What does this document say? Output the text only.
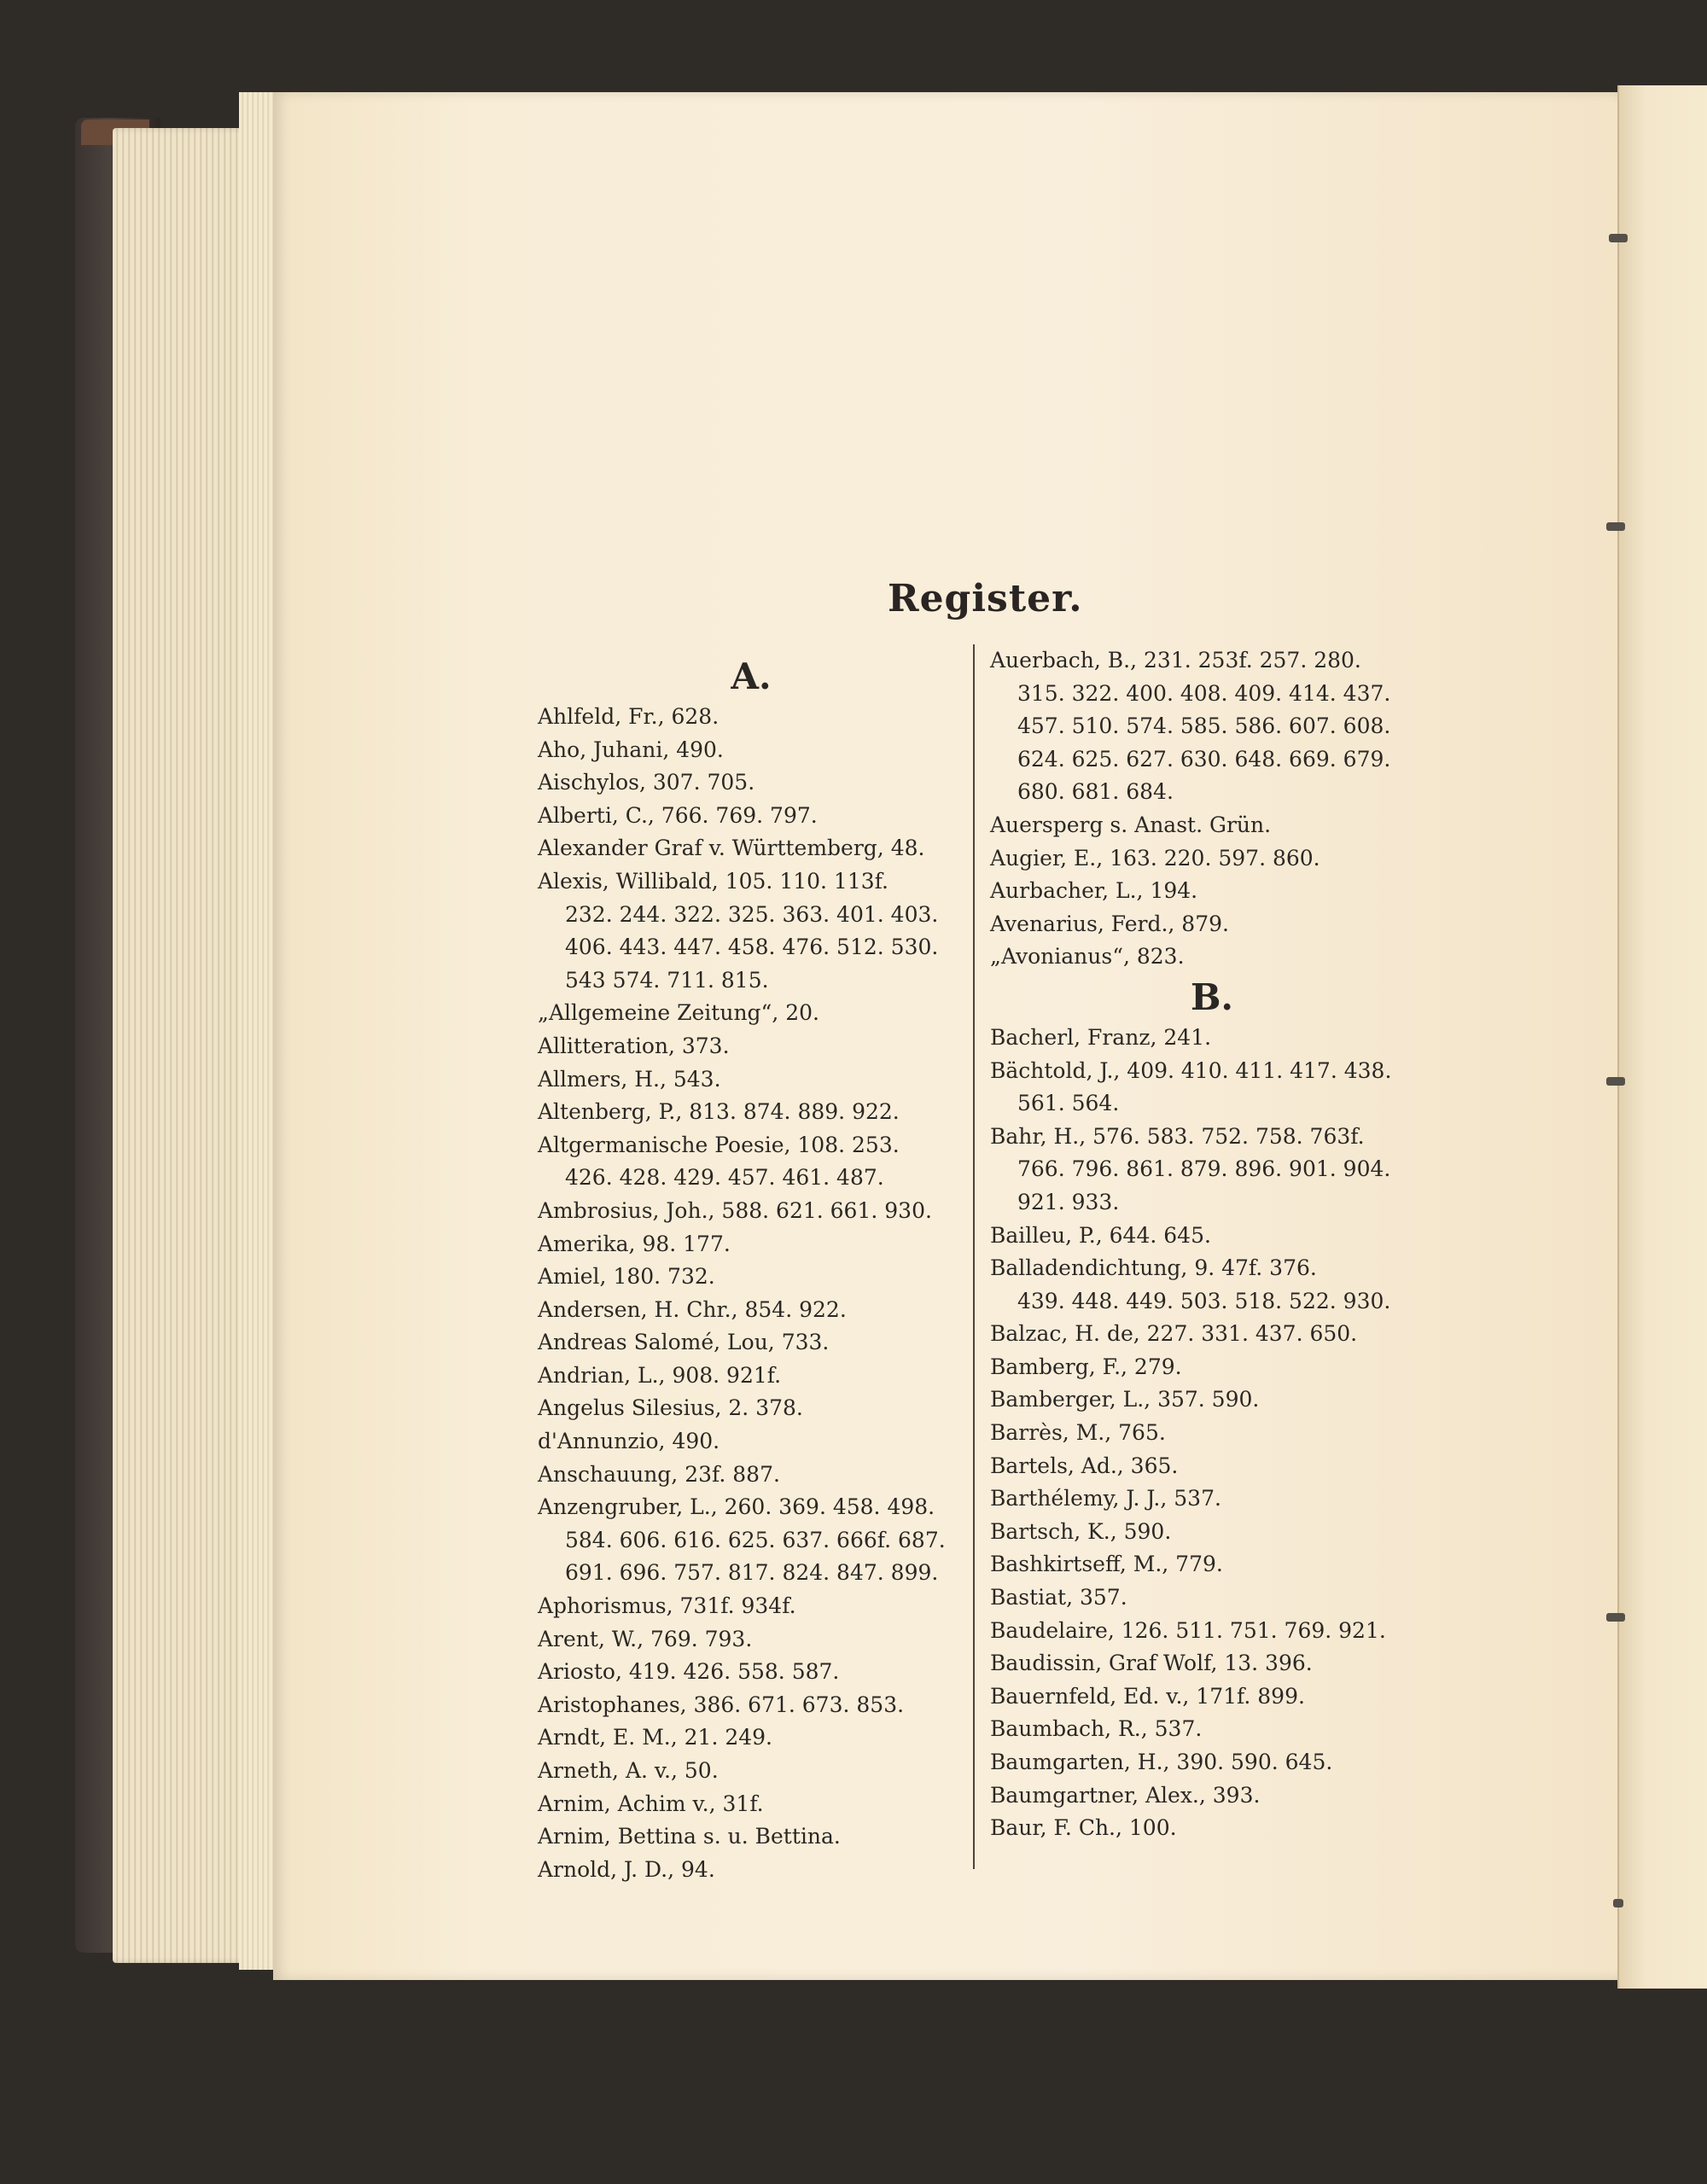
Register.
A.
Ahlfeld, Fr., 628.
Aho, Juhani, 490.
Aischylos, 307. 705.
Alberti, C., 766. 769. 797.
Alexander Graf v. Württemberg, 48.
Alexis, Willibald, 105. 110. 113f.
232. 244. 322. 325. 363. 401. 403.
406. 443. 447. 458. 476. 512. 530.
543 574. 711. 815.
„Allgemeine Zeitung“, 20.
Allitteration, 373.
Allmers, H., 543.
Altenberg, P., 813. 874. 889. 922.
Altgermanische Poesie, 108. 253.
426. 428. 429. 457. 461. 487.
Ambrosius, Joh., 588. 621. 661. 930.
Amerika, 98. 177.
Amiel, 180. 732.
Andersen, H. Chr., 854. 922.
Andreas Salomé, Lou, 733.
Andrian, L., 908. 921f.
Angelus Silesius, 2. 378.
d'Annunzio, 490.
Anschauung, 23f. 887.
Anzengruber, L., 260. 369. 458. 498.
584. 606. 616. 625. 637. 666f. 687.
691. 696. 757. 817. 824. 847. 899.
Aphorismus, 731f. 934f.
Arent, W., 769. 793.
Ariosto, 419. 426. 558. 587.
Aristophanes, 386. 671. 673. 853.
Arndt, E. M., 21. 249.
Arneth, A. v., 50.
Arnim, Achim v., 31f.
Arnim, Bettina s. u. Bettina.
Arnold, J. D., 94.
Auerbach, B., 231. 253f. 257. 280.
315. 322. 400. 408. 409. 414. 437.
457. 510. 574. 585. 586. 607. 608.
624. 625. 627. 630. 648. 669. 679.
680. 681. 684.
Auersperg s. Anast. Grün.
Augier, E., 163. 220. 597. 860.
Aurbacher, L., 194.
Avenarius, Ferd., 879.
„Avonianus“, 823.
B.
Bacherl, Franz, 241.
Bächtold, J., 409. 410. 411. 417. 438.
561. 564.
Bahr, H., 576. 583. 752. 758. 763f.
766. 796. 861. 879. 896. 901. 904.
921. 933.
Bailleu, P., 644. 645.
Balladendichtung, 9. 47f. 376.
439. 448. 449. 503. 518. 522. 930.
Balzac, H. de, 227. 331. 437. 650.
Bamberg, F., 279.
Bamberger, L., 357. 590.
Barrès, M., 765.
Bartels, Ad., 365.
Barthélemy, J. J., 537.
Bartsch, K., 590.
Bashkirtseff, M., 779.
Bastiat, 357.
Baudelaire, 126. 511. 751. 769. 921.
Baudissin, Graf Wolf, 13. 396.
Bauernfeld, Ed. v., 171f. 899.
Baumbach, R., 537.
Baumgarten, H., 390. 590. 645.
Baumgartner, Alex., 393.
Baur, F. Ch., 100.
